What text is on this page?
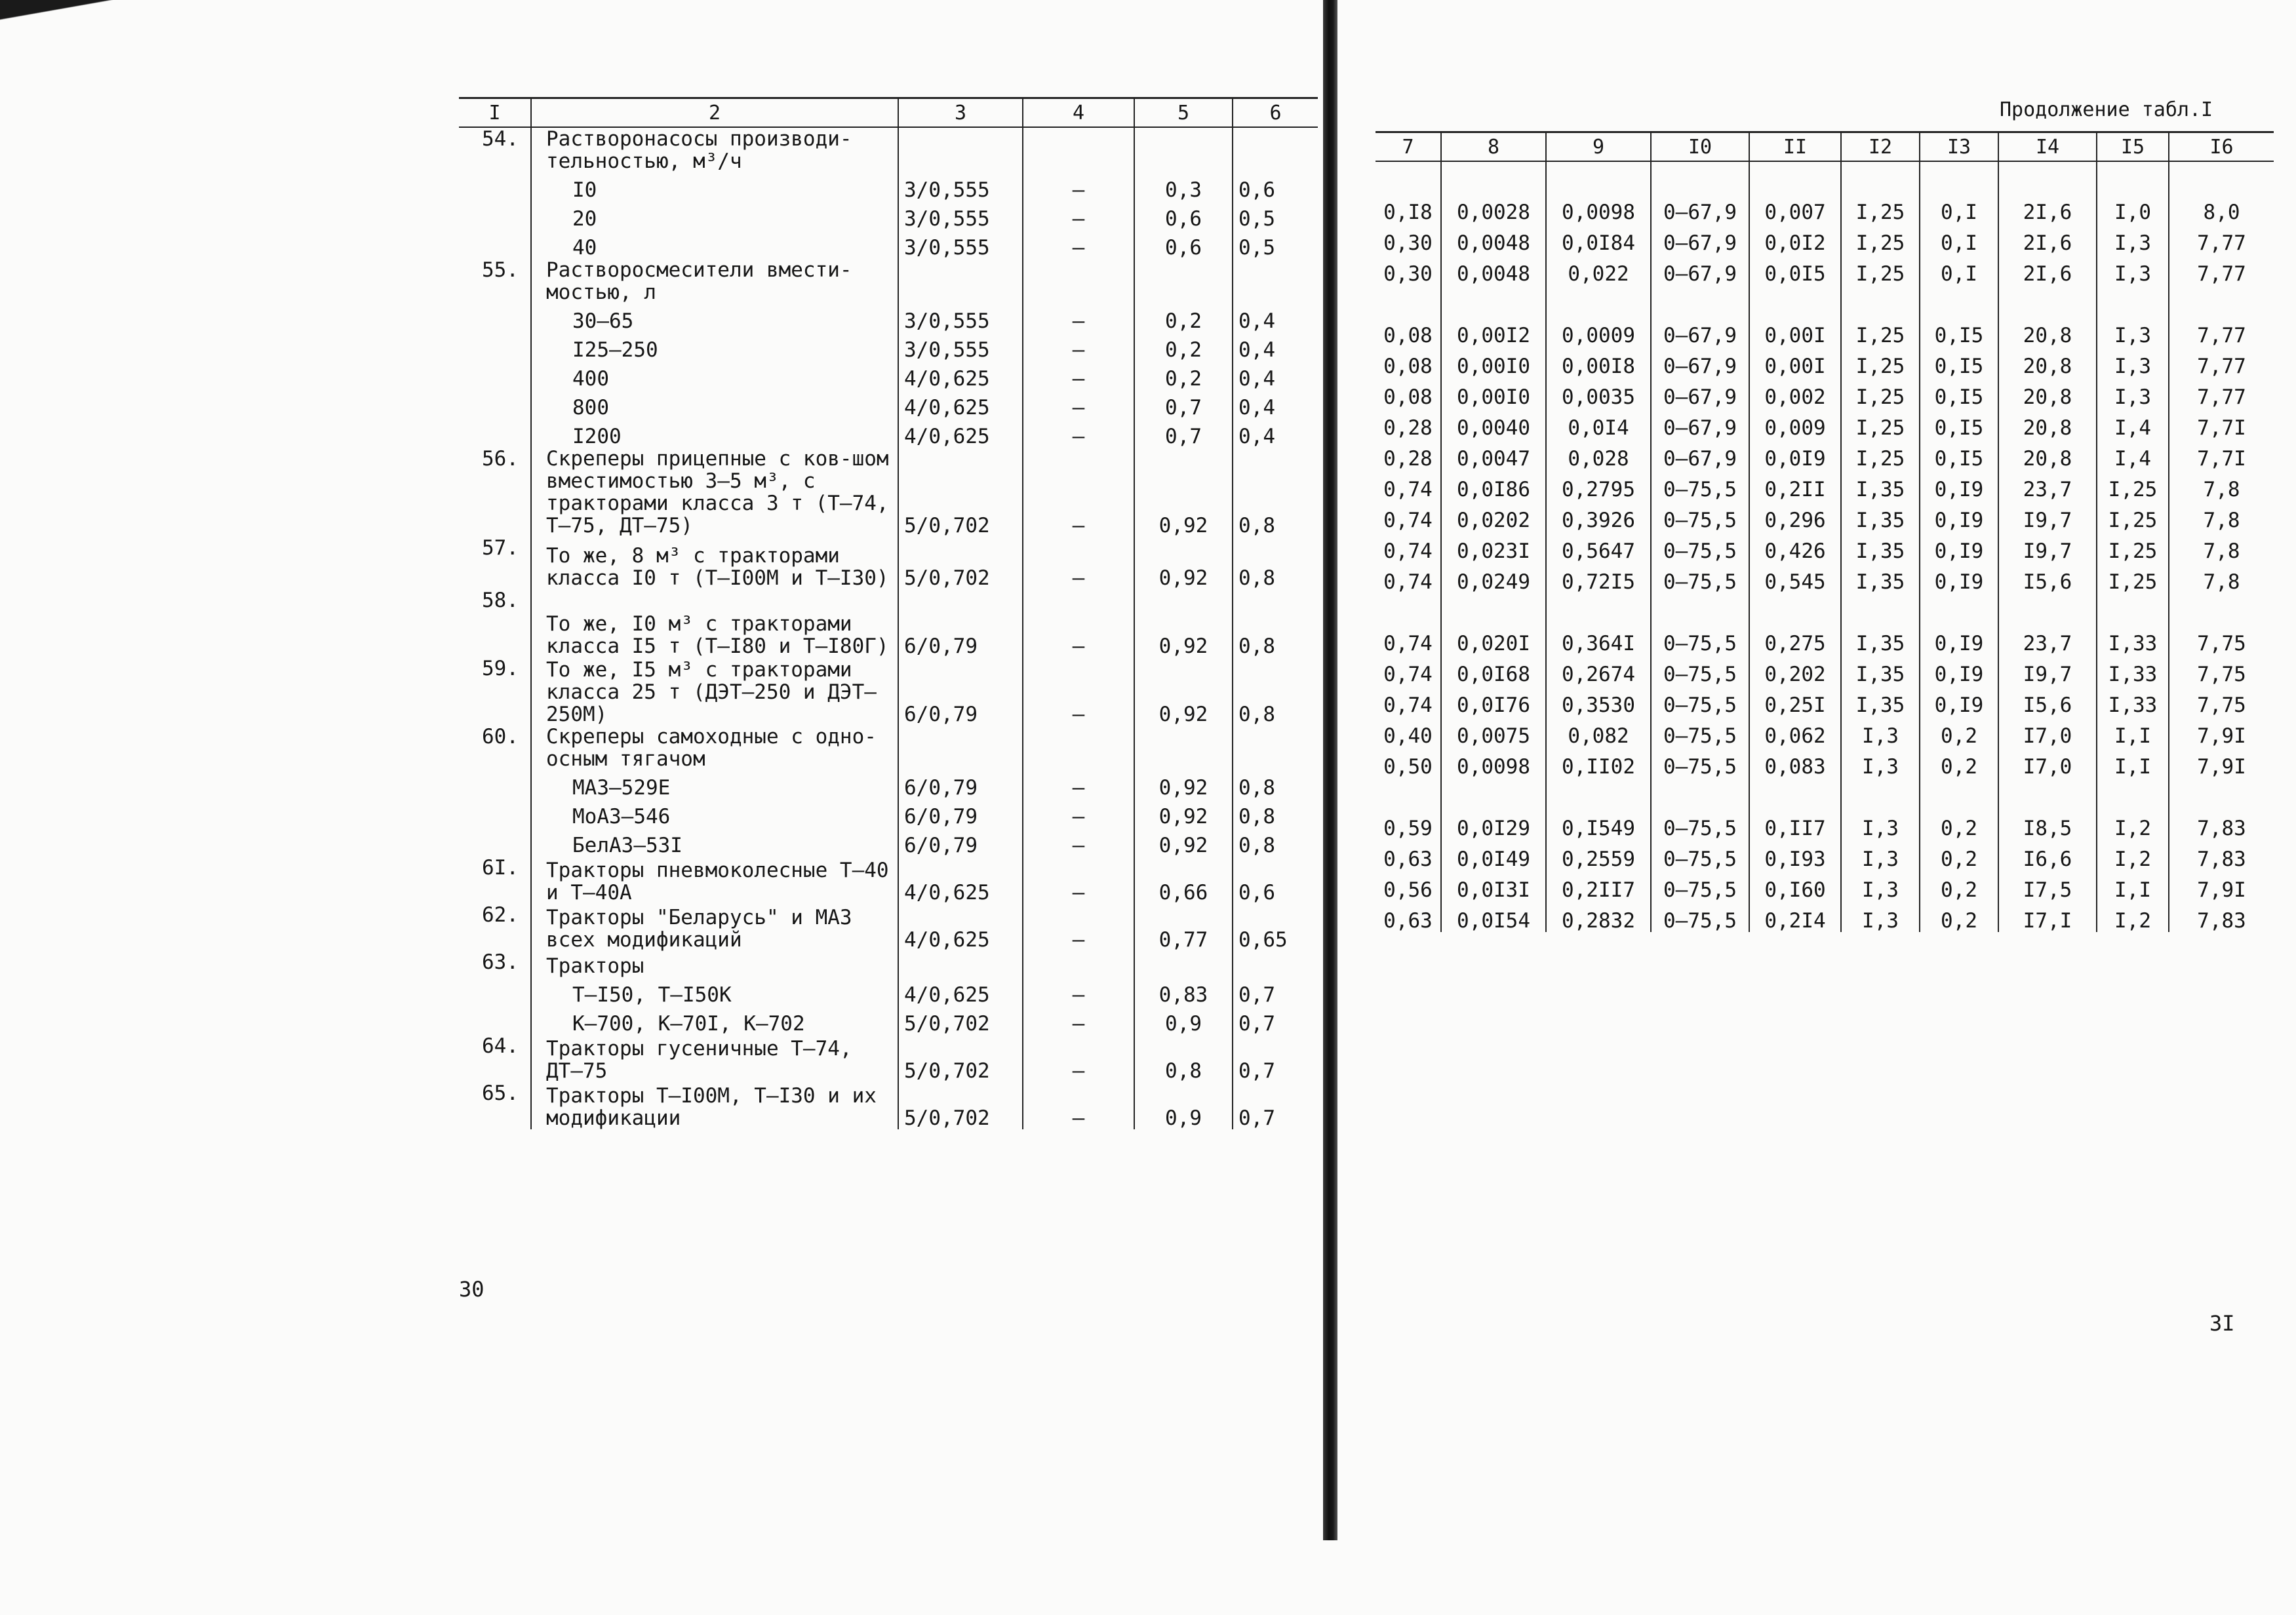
I	2	3	4	5	6
54.	Растворонасосы производи-тельностью, м³/ч				
	I0	3/0,555	–	0,3	0,6
	20	3/0,555	–	0,6	0,5
	40	3/0,555	–	0,6	0,5
55.	Растворосмесители вмести-мостью, л				
	30–65	3/0,555	–	0,2	0,4
	I25–250	3/0,555	–	0,2	0,4
	400	4/0,625	–	0,2	0,4
	800	4/0,625	–	0,7	0,4
	I200	4/0,625	–	0,7	0,4
56.	Скреперы прицепные с ков-шом вместимостью 3–5 м³, с тракторами класса 3 т (Т–74, Т–75, ДТ–75)	5/0,702	–	0,92	0,8
57.	То же, 8 м³ с тракторами класса I0 т (Т–I00М и Т–I30)	5/0,702	–	0,92	0,8
58.	То же, I0 м³ с тракторами класса I5 т (Т–I80 и Т–I80Г)	6/0,79	–	0,92	0,8
59.	То же, I5 м³ с тракторами класса 25 т (ДЭТ–250 и ДЭТ–250М)	6/0,79	–	0,92	0,8
60.	Скреперы самоходные с одно-осным тягачом				
	МАЗ–529Е	6/0,79	–	0,92	0,8
	МоАЗ–546	6/0,79	–	0,92	0,8
	БелАЗ–53I	6/0,79	–	0,92	0,8
6I.	Тракторы пневмоколесные Т–40 и Т–40А	4/0,625	–	0,66	0,6
62.	Тракторы "Беларусь" и МАЗ всех модификаций	4/0,625	–	0,77	0,65
63.	Тракторы				
	Т–I50, Т–I50К	4/0,625	–	0,83	0,7
	К–700, К–70I, К–702	5/0,702	–	0,9	0,7
64.	Тракторы гусеничные Т–74, ДТ–75	5/0,702	–	0,8	0,7
65.	Тракторы Т–I00М, Т–I30 и их модификации	5/0,702	–	0,9	0,7
30
Продолжение табл.I
7	8	9	I0	II	I2	I3	I4	I5	I6

0,I8	0,0028	0,0098	0–67,9	0,007	I,25	0,I	2I,6	I,0	8,0
0,30	0,0048	0,0I84	0–67,9	0,0I2	I,25	0,I	2I,6	I,3	7,77
0,30	0,0048	0,022	0–67,9	0,0I5	I,25	0,I	2I,6	I,3	7,77

0,08	0,00I2	0,0009	0–67,9	0,00I	I,25	0,I5	20,8	I,3	7,77
0,08	0,00I0	0,00I8	0–67,9	0,00I	I,25	0,I5	20,8	I,3	7,77
0,08	0,00I0	0,0035	0–67,9	0,002	I,25	0,I5	20,8	I,3	7,77
0,28	0,0040	0,0I4	0–67,9	0,009	I,25	0,I5	20,8	I,4	7,7I
0,28	0,0047	0,028	0–67,9	0,0I9	I,25	0,I5	20,8	I,4	7,7I
0,74	0,0I86	0,2795	0–75,5	0,2II	I,35	0,I9	23,7	I,25	7,8
0,74	0,0202	0,3926	0–75,5	0,296	I,35	0,I9	I9,7	I,25	7,8
0,74	0,023I	0,5647	0–75,5	0,426	I,35	0,I9	I9,7	I,25	7,8
0,74	0,0249	0,72I5	0–75,5	0,545	I,35	0,I9	I5,6	I,25	7,8

0,74	0,020I	0,364I	0–75,5	0,275	I,35	0,I9	23,7	I,33	7,75
0,74	0,0I68	0,2674	0–75,5	0,202	I,35	0,I9	I9,7	I,33	7,75
0,74	0,0I76	0,3530	0–75,5	0,25I	I,35	0,I9	I5,6	I,33	7,75
0,40	0,0075	0,082	0–75,5	0,062	I,3	0,2	I7,0	I,I	7,9I
0,50	0,0098	0,II02	0–75,5	0,083	I,3	0,2	I7,0	I,I	7,9I

0,59	0,0I29	0,I549	0–75,5	0,II7	I,3	0,2	I8,5	I,2	7,83
0,63	0,0I49	0,2559	0–75,5	0,I93	I,3	0,2	I6,6	I,2	7,83
0,56	0,0I3I	0,2II7	0–75,5	0,I60	I,3	0,2	I7,5	I,I	7,9I
0,63	0,0I54	0,2832	0–75,5	0,2I4	I,3	0,2	I7,I	I,2	7,83
3I
